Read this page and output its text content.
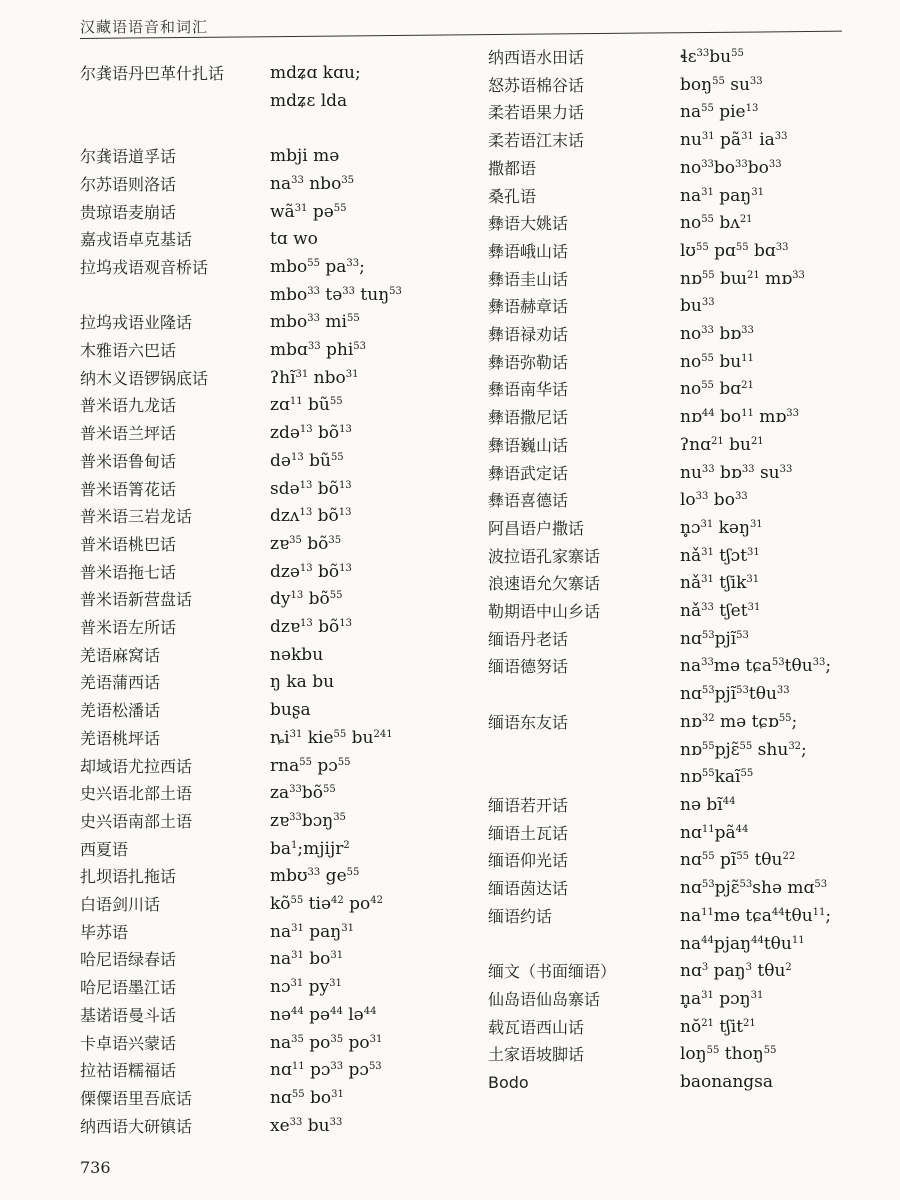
汉藏语语音和词汇
尔龚语丹巴革什扎话	mdʑɑ kɑu;
mdʑɛ lda
尔龚语道孚话	mbji mə
尔苏语则洛话	$na^{33}$ nbo$^{35}$
贵琼语麦崩话	$wã^{31}$ pə$^{55}$
嘉戎语卓克基话	tɑ wo
拉坞戎语观音桥话	mbo$^{55}$ $pa^{33}$;
mbo$^{33}$ tə$^{33}$ tuŋ$^{53}$
拉坞戎语业隆话	mbo$^{33}$ $mi^{55}$
木雅语六巴话	mbɑ$^{33}$ phi$^{53}$
纳木义语锣锅底话	ʔhĩ$^{31}$ nbo$^{31}$
普米语九龙话	zɑ$^{11}$ $bũ^{55}$
普米语兰坪话	zdə$^{13}$ $bõ^{13}$
普米语鲁甸话	də$^{13}$ $bũ^{55}$
普米语箐花话	sdə$^{13}$ $bõ^{13}$
普米语三岩龙话	dzʌ$^{13}$ $bõ^{13}$
普米语桃巴话	zɐ$^{35}$ $bõ^{35}$
普米语拖七话	dzə$^{13}$ $bõ^{13}$
普米语新营盘话	$dy^{13}$ $bõ^{55}$
普米语左所话	dzɐ$^{13}$ $bõ^{13}$
羌语麻窝话	nəkbu
羌语蒲西话	ŋ ka bu
羌语松潘话	buʂa
羌语桃坪话	$ȵi^{31}$ kie$^{55}$ $bu^{241}$
却域语尤拉西话	rna$^{55}$ pɔ$^{55}$
史兴语北部土语	$za^{33}bõ^{55}$
史兴语南部土语	zɐ$^{33}$bɔŋ$^{35}$
西夏语	$ba^1;mjijr^2$
扎坝语扎拖话	mbʊ$^{33}$ $ge^{55}$
白语剑川话	$kõ^{55}$ tiə$^{42}$ $po^{42}$
毕苏语	$na^{31}$ paŋ$^{31}$
哈尼语绿春话	$na^{31}$ $bo^{31}$
哈尼语墨江话	nɔ$^{31}$ $py^{31}$
基诺语曼斗话	nə$^{44}$ pə$^{44}$ lə$^{44}$
卡卓语兴蒙话	$na^{35}$ $po^{35}$ $po^{31}$
拉祜语糯福话	nɑ$^{11}$ pɔ$^{33}$ pɔ$^{53}$
傈僳语里吾底话	nɑ$^{55}$ $bo^{31}$
纳西语大研镇话	$xe^{33}$ $bu^{33}$
纳西语水田话	$ɬɛ^{33}bu^{55}$
怒苏语棉谷话	boŋ$^{55}$ $su^{33}$
柔若语果力话	$na^{55}$ pie$^{13}$
柔若语江末话	$nu^{31}$ $pã^{31}$ $ia^{33}$
撒都语	$no^{33}bo^{33}bo^{33}$
桑孔语	$na^{31}$ paŋ$^{31}$
彝语大姚话	$no^{55}$ bʌ$^{21}$
彝语峨山话	lʊ$^{55}$ pɑ$^{55}$ bɑ$^{33}$
彝语圭山话	nɒ$^{55}$ bɯ$^{21}$ mɒ$^{33}$
彝语赫章话	$bu^{33}$
彝语禄劝话	$no^{33}$ bɒ$^{33}$
彝语弥勒话	$no^{55}$ $bu^{11}$
彝语南华话	$no^{55}$ bɑ$^{21}$
彝语撒尼话	nɒ$^{44}$ $bo^{11}$ mɒ$^{33}$
彝语巍山话	ʔnɑ$^{21}$ $bu^{21}$
彝语武定话	$nu^{33}$ bɒ$^{33}$ $su^{33}$
彝语喜德话	$lo^{33}$ $bo^{33}$
阿昌语户撒话	n̥ɔ$^{31}$ kəŋ$^{31}$
波拉语孔家寨话	$nǎ^{31}$ tʃɔt$^{31}$
浪速语允欠寨话	$nǎ^{31}$ tʃik$^{31}$
勒期语中山乡话	$nǎ^{33}$ tʃet$^{31}$
缅语丹老话	nɑ$^{53}$pjĩ$^{53}$
缅语德努话	$na^{33}mə$ tɕa$^{53}$tθu$^{33}$;
nɑ$^{53}$pjĩ$^{53}$tθu$^{33}$
缅语东友话	nɒ$^{32}$ mə tɕɒ$^{55}$;
nɒ$^{55}$pjɛ̃$^{55}$ shu$^{32}$;
nɒ$^{55}$kaĩ$^{55}$
缅语若开话	nə $bĩ^{44}$
缅语土瓦话	$nɑ^{11}pã^{44}$
缅语仰光话	nɑ$^{55}$ $pĩ^{55}$ tθu$^{22}$
缅语茵达话	nɑ$^{53}$pjɛ̃$^{53}$shə mɑ$^{53}$
缅语约话	$na^{11}mə$ tɕa$^{44}$tθu$^{11}$;
$na^{44}pjaŋ^{44}t\theta u^{11}$
缅文（书面缅语）	nɑ$^3$ paŋ$^3$ tθu$^2$
仙岛语仙岛寨话	$n̥a^{31}$ pɔŋ$^{31}$
载瓦语西山话	$nŏ^{21}$ tʃit$^{21}$
土家语坡脚话	loŋ$^{55}$ thoŋ$^{55}$
Bodo	baonangsa
736
